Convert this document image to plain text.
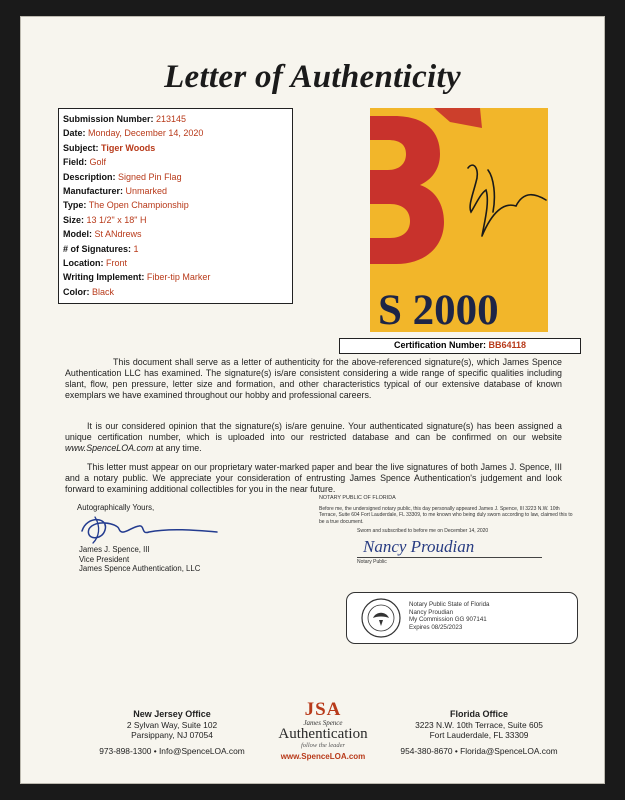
Letter of Authenticity
Submission Number: 213145
Date: Monday, December 14, 2020
Subject: Tiger Woods
Field: Golf
Description: Signed Pin Flag
Manufacturer: Unmarked
Type: The Open Championship
Size: 13 1/2" x 18" H
Model: St ANdrews
# of Signatures: 1
Location: Front
Writing Implement: Fiber-tip Marker
Color: Black	S 2000
Certification Number: BB64118
This document shall serve as a letter of authenticity for the above-referenced signature(s), which James Spence Authentication LLC has examined. The signature(s) is/are consistent considering a wide range of specific qualities including slant, flow, pen pressure, letter size and formation, and other characteristics typical of our extensive database of known exemplars we have examined throughout our hobby and professional careers.
It is our considered opinion that the signature(s) is/are genuine. Your authenticated signature(s) has been assigned a unique certification number, which is uploaded into our restricted database and can be confirmed on our website www.SpenceLOA.com at any time.
This letter must appear on our proprietary water-marked paper and bear the live signatures of both James J. Spence, III and a notary public. We appreciate your consideration of entrusting James Spence Authentication's judgement and look forward to examining additional collectibles for you in the near future.
Autographically Yours,
James J. Spence, III
Vice President
James Spence Authentication, LLC
NOTARY PUBLIC OF FLORIDA
Before me, the undersigned notary public, this day personally appeared James J. Spence, III 3223 N.W. 10th Terrace, Suite 604 Fort Lauderdale, FL 33309, to me known who being duly sworn according to law, claimed this to be a true document.
Sworn and subscribed to before me on December 14, 2020
Nancy Proudian
Notary Public
Notary Public State of Florida
Nancy Proudian
My Commission GG 907141
Expires 08/25/2023
New Jersey Office
2 Sylvan Way, Suite 102
Parsippany, NJ 07054
973-898-1300 • Info@SpenceLOA.com
JSA
James Spence
Authentication
follow the leader
www.SpenceLOA.com
Florida Office
3223 N.W. 10th Terrace, Suite 605
Fort Lauderdale, FL 33309
954-380-8670 • Florida@SpenceLOA.com
